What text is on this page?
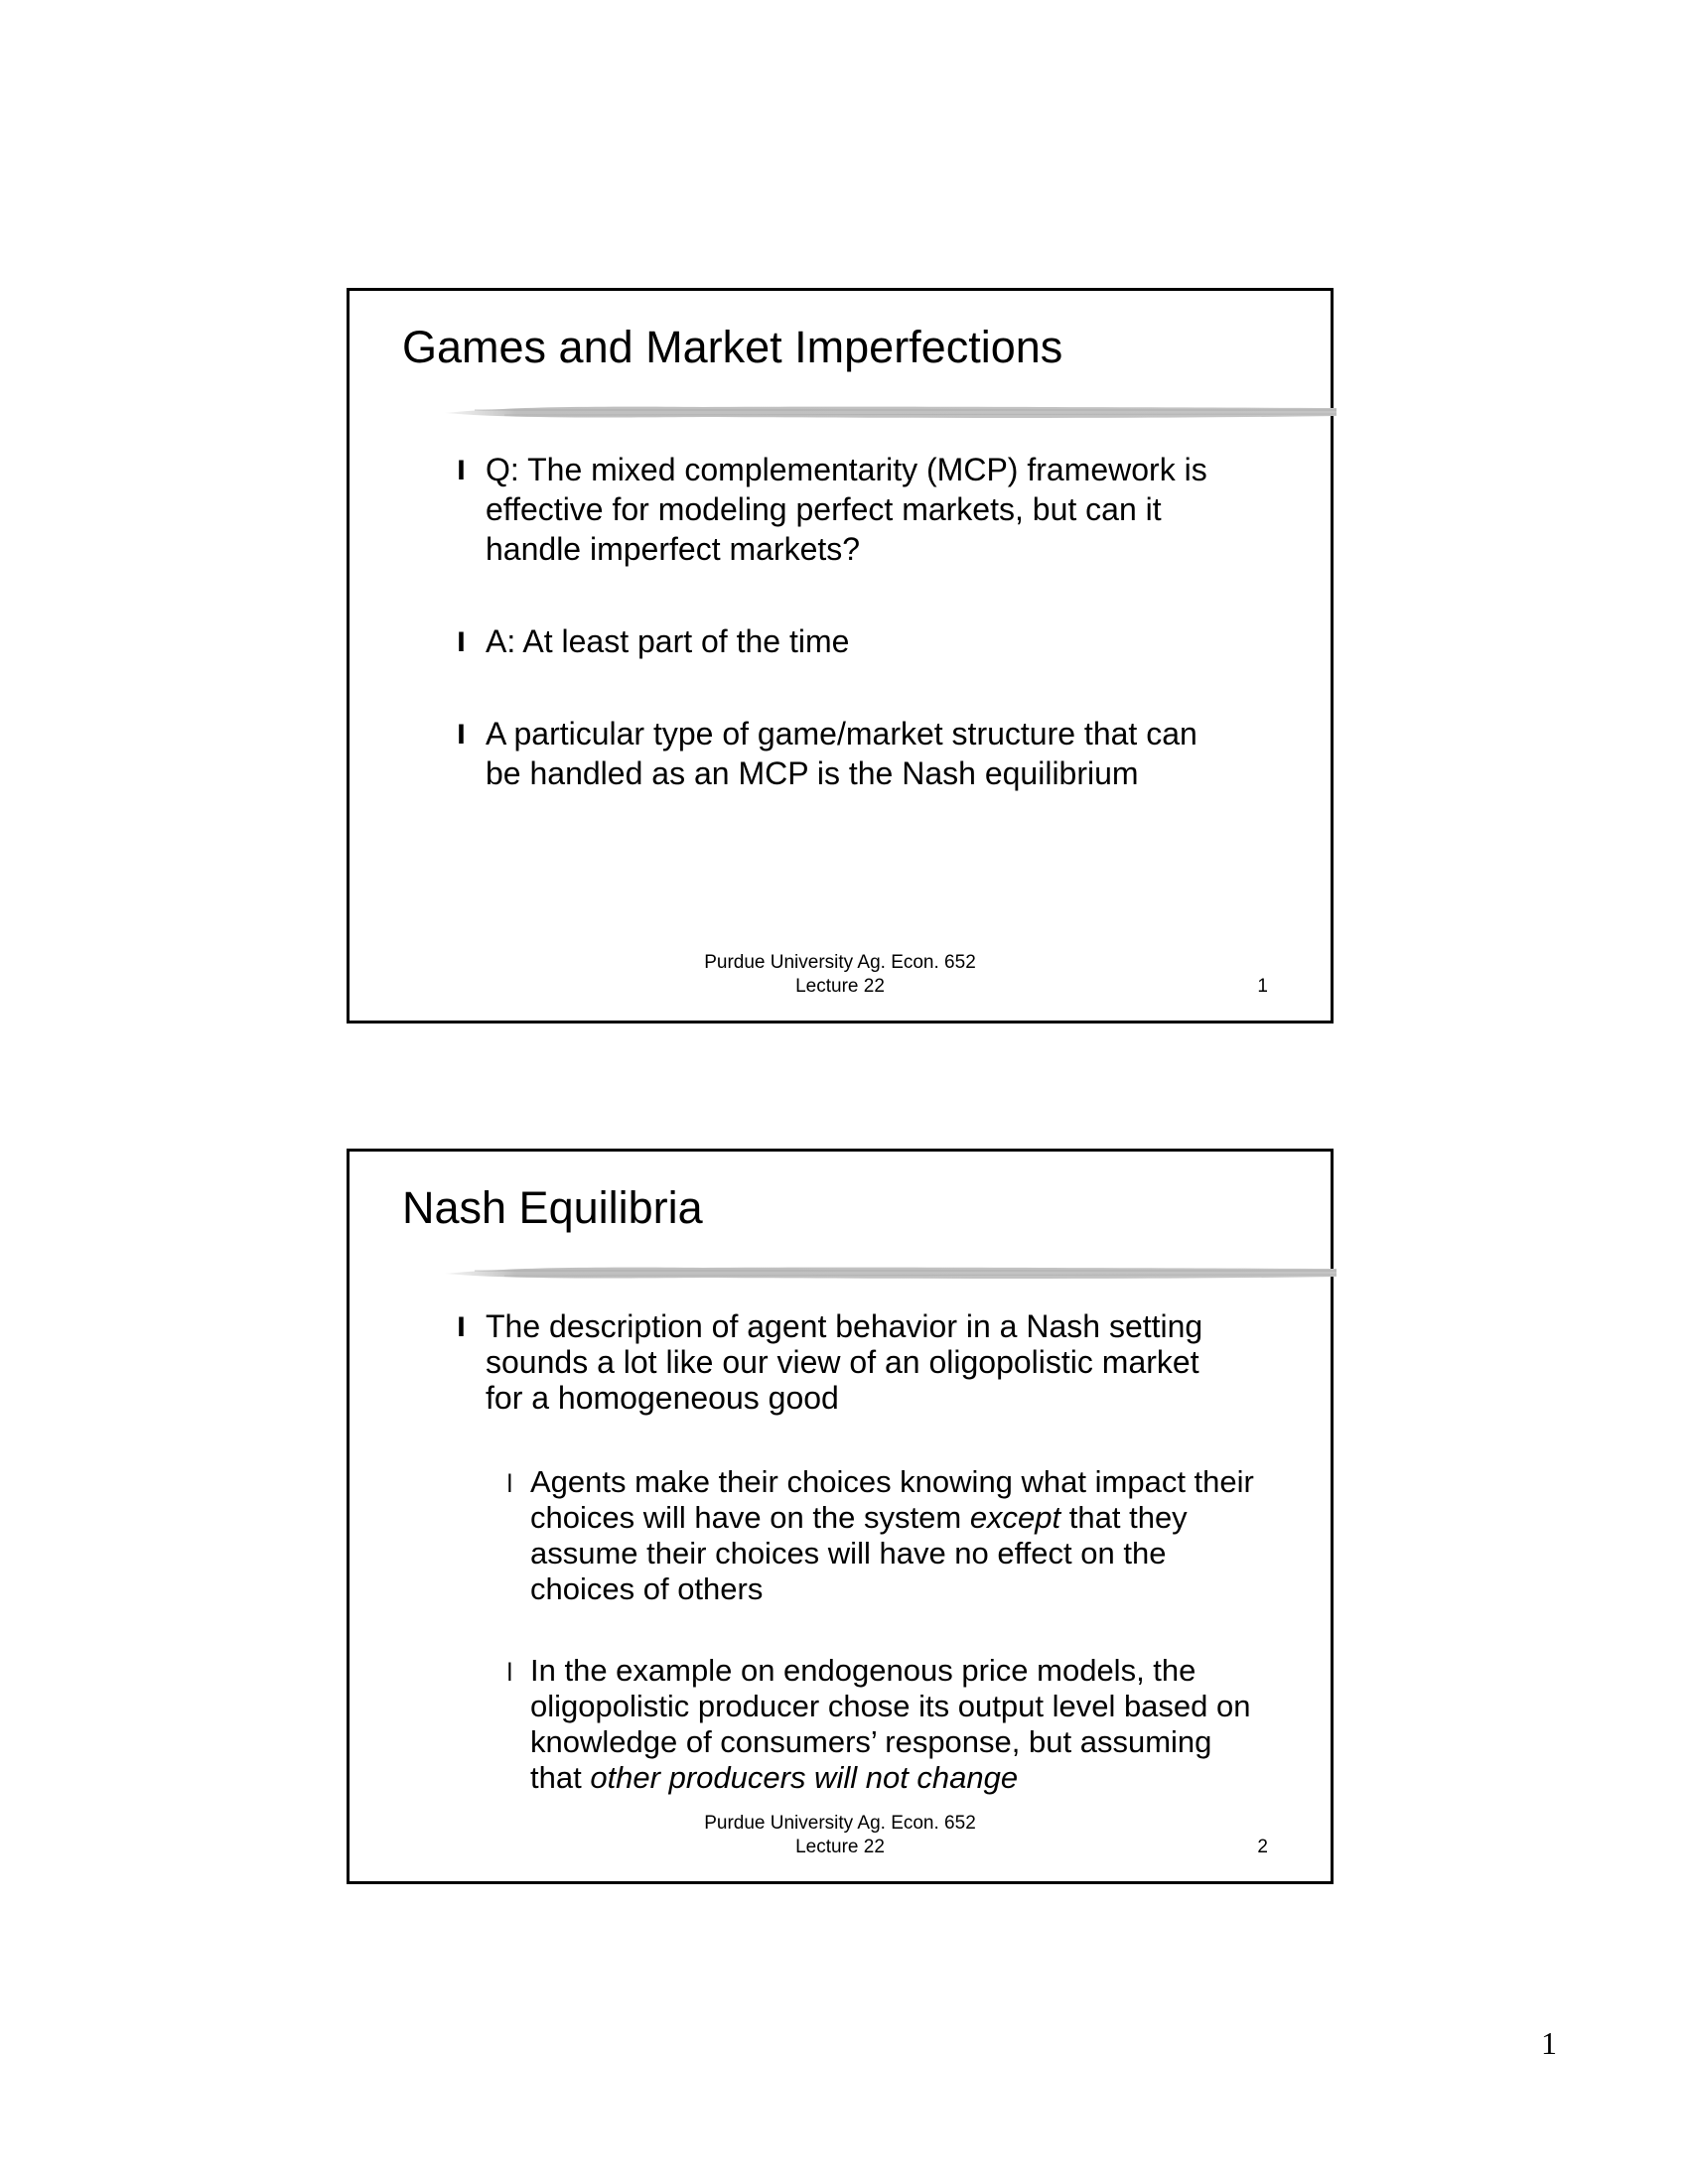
Games and Market Imperfections
l Q: The mixed complementarity (MCP) framework is effective for modeling perfect markets, but can it handle imperfect markets?
l A: At least part of the time
l A particular type of game/market structure that can be handled as an MCP is the Nash equilibrium
Purdue University Ag. Econ. 652
Lecture 22	1
Nash Equilibria
l The description of agent behavior in a Nash setting sounds a lot like our view of an oligopolistic market for a homogeneous good
l Agents make their choices knowing what impact their choices will have on the system except that they assume their choices will have no effect on the choices of others
l In the example on endogenous price models, the oligopolistic producer chose its output level based on knowledge of consumers’ response, but assuming that other producers will not change
Purdue University Ag. Econ. 652
Lecture 22	2
1
